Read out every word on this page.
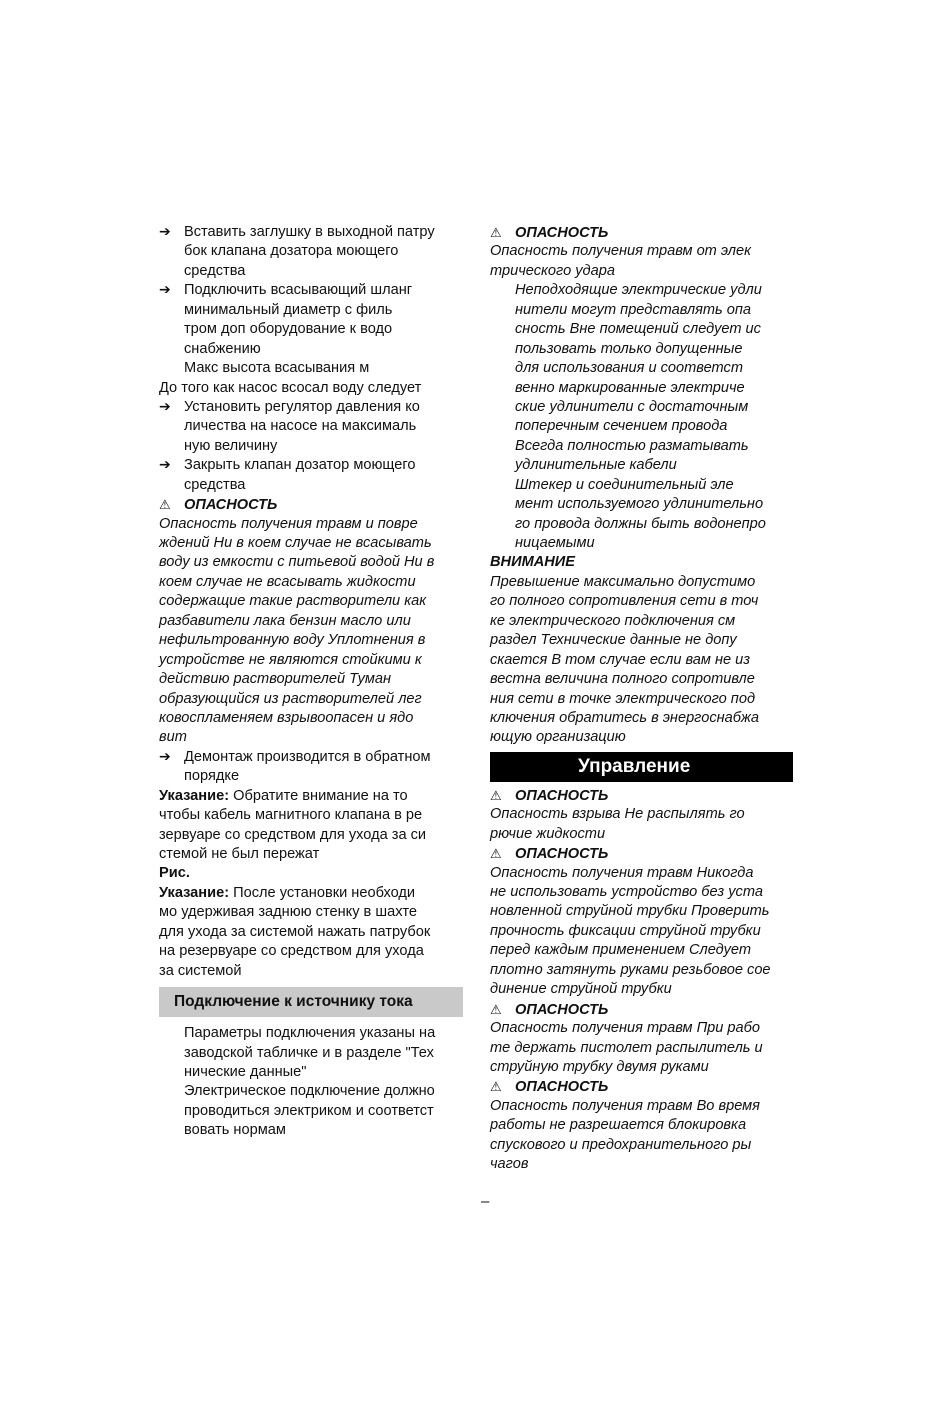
➔ Вставить заглушку в выходной патру
бок клапана дозатора моющего
средства
➔ Подключить всасывающий шланг
минимальный диаметр с филь
тром доп оборудование к водо
снабжению
Макс высота всасывания м
До того как насос всосал воду следует
➔ Установить регулятор давления ко
личества на насосе на максималь
ную величину
➔ Закрыть клапан дозатор моющего
средства
⚠ ОПАСНОСТЬ
Опасность получения травм и повре
ждений Ни в коем случае не всасывать
воду из емкости с питьевой водой Ни в
коем случае не всасывать жидкости
содержащие такие растворители как
разбавители лака бензин масло или
нефильтрованную воду Уплотнения в
устройстве не являются стойкими к
действию растворителей Туман
образующийся из растворителей лег
ковоспламеняем взрывоопасен и ядо
вит
➔ Демонтаж производится в обратном
порядке
Указание: Обратите внимание на то
чтобы кабель магнитного клапана в ре
зервуаре со средством для ухода за си
стемой не был пережат
Рис.
Указание: После установки необходи
мо удерживая заднюю стенку в шахте
для ухода за системой нажать патрубок
на резервуаре со средством для ухода
за системой
Подключение к источнику тока
Параметры подключения указаны на
заводской табличке и в разделе "Тех
нические данные"
Электрическое подключение должно
проводиться электриком и соответст
вовать нормам
⚠ ОПАСНОСТЬ
Опасность получения травм от элек
трического удара
Неподходящие электрические удли
нители могут представлять опа
сность Вне помещений следует ис
пользовать только допущенные
для использования и соответст
венно маркированные электриче
ские удлинители с достаточным
поперечным сечением провода
Всегда полностью разматывать
удлинительные кабели
Штекер и соединительный эле
мент используемого удлинительно
го провода должны быть водонепро
ницаемыми
ВНИМАНИЕ
Превышение максимально допустимо
го полного сопротивления сети в точ
ке электрического подключения см
раздел Технические данные не допу
скается В том случае если вам не из
вестна величина полного сопротивле
ния сети в точке электрического под
ключения обратитесь в энергоснабжа
ющую организацию
Управление
⚠ ОПАСНОСТЬ
Опасность взрыва Не распылять го
рючие жидкости
⚠ ОПАСНОСТЬ
Опасность получения травм Никогда
не использовать устройство без уста
новленной струйной трубки Проверить
прочность фиксации струйной трубки
перед каждым применением Следует
плотно затянуть руками резьбовое сое
динение струйной трубки
⚠ ОПАСНОСТЬ
Опасность получения травм При рабо
те держать пистолет распылитель и
струйную трубку двумя руками
⚠ ОПАСНОСТЬ
Опасность получения травм Во время
работы не разрешается блокировка
спускового и предохранительного ры
чагов
–
